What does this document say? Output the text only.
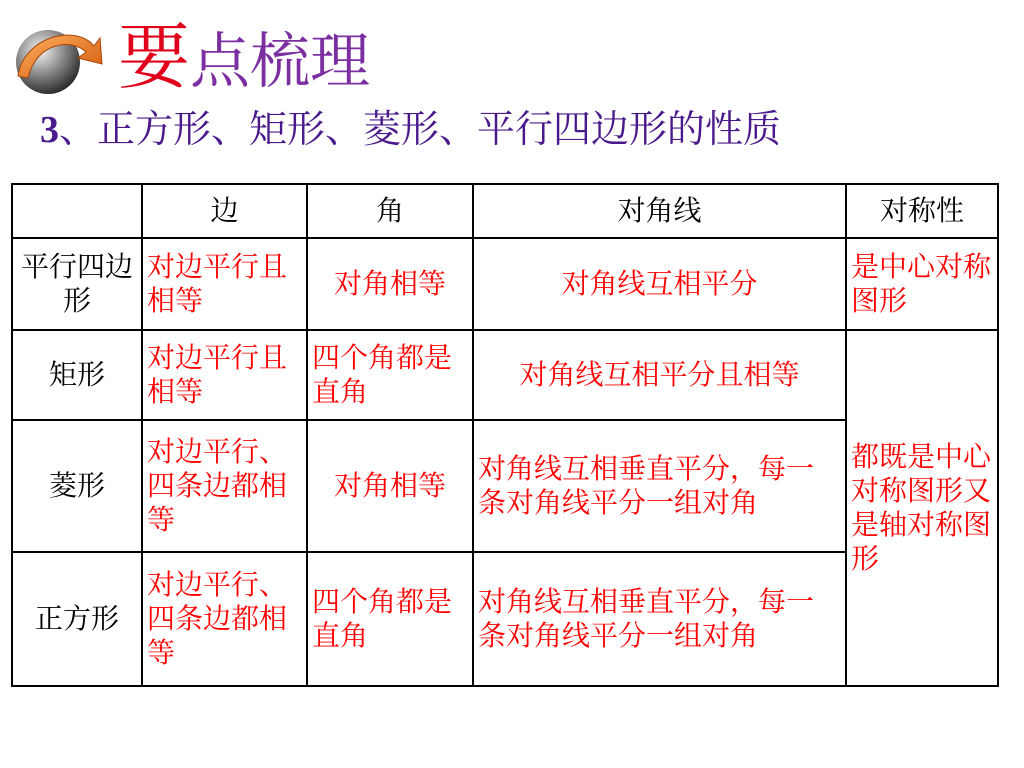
要点梳理
3、正方形、矩形、菱形、平行四边形的性质
	边	角	对角线	对称性
平行四边形	对边平行且相等	对角相等	对角线互相平分	是中心对称图形
矩形	对边平行且相等	四个角都是直角	对角线互相平分且相等	都既是中心对称图形又是轴对称图形
菱形	对边平行、四条边都相等	对角相等	对角线互相垂直平分，每一条对角线平分一组对角	
正方形	对边平行、四条边都相等	四个角都是直角	对角线互相垂直平分，每一条对角线平分一组对角	
